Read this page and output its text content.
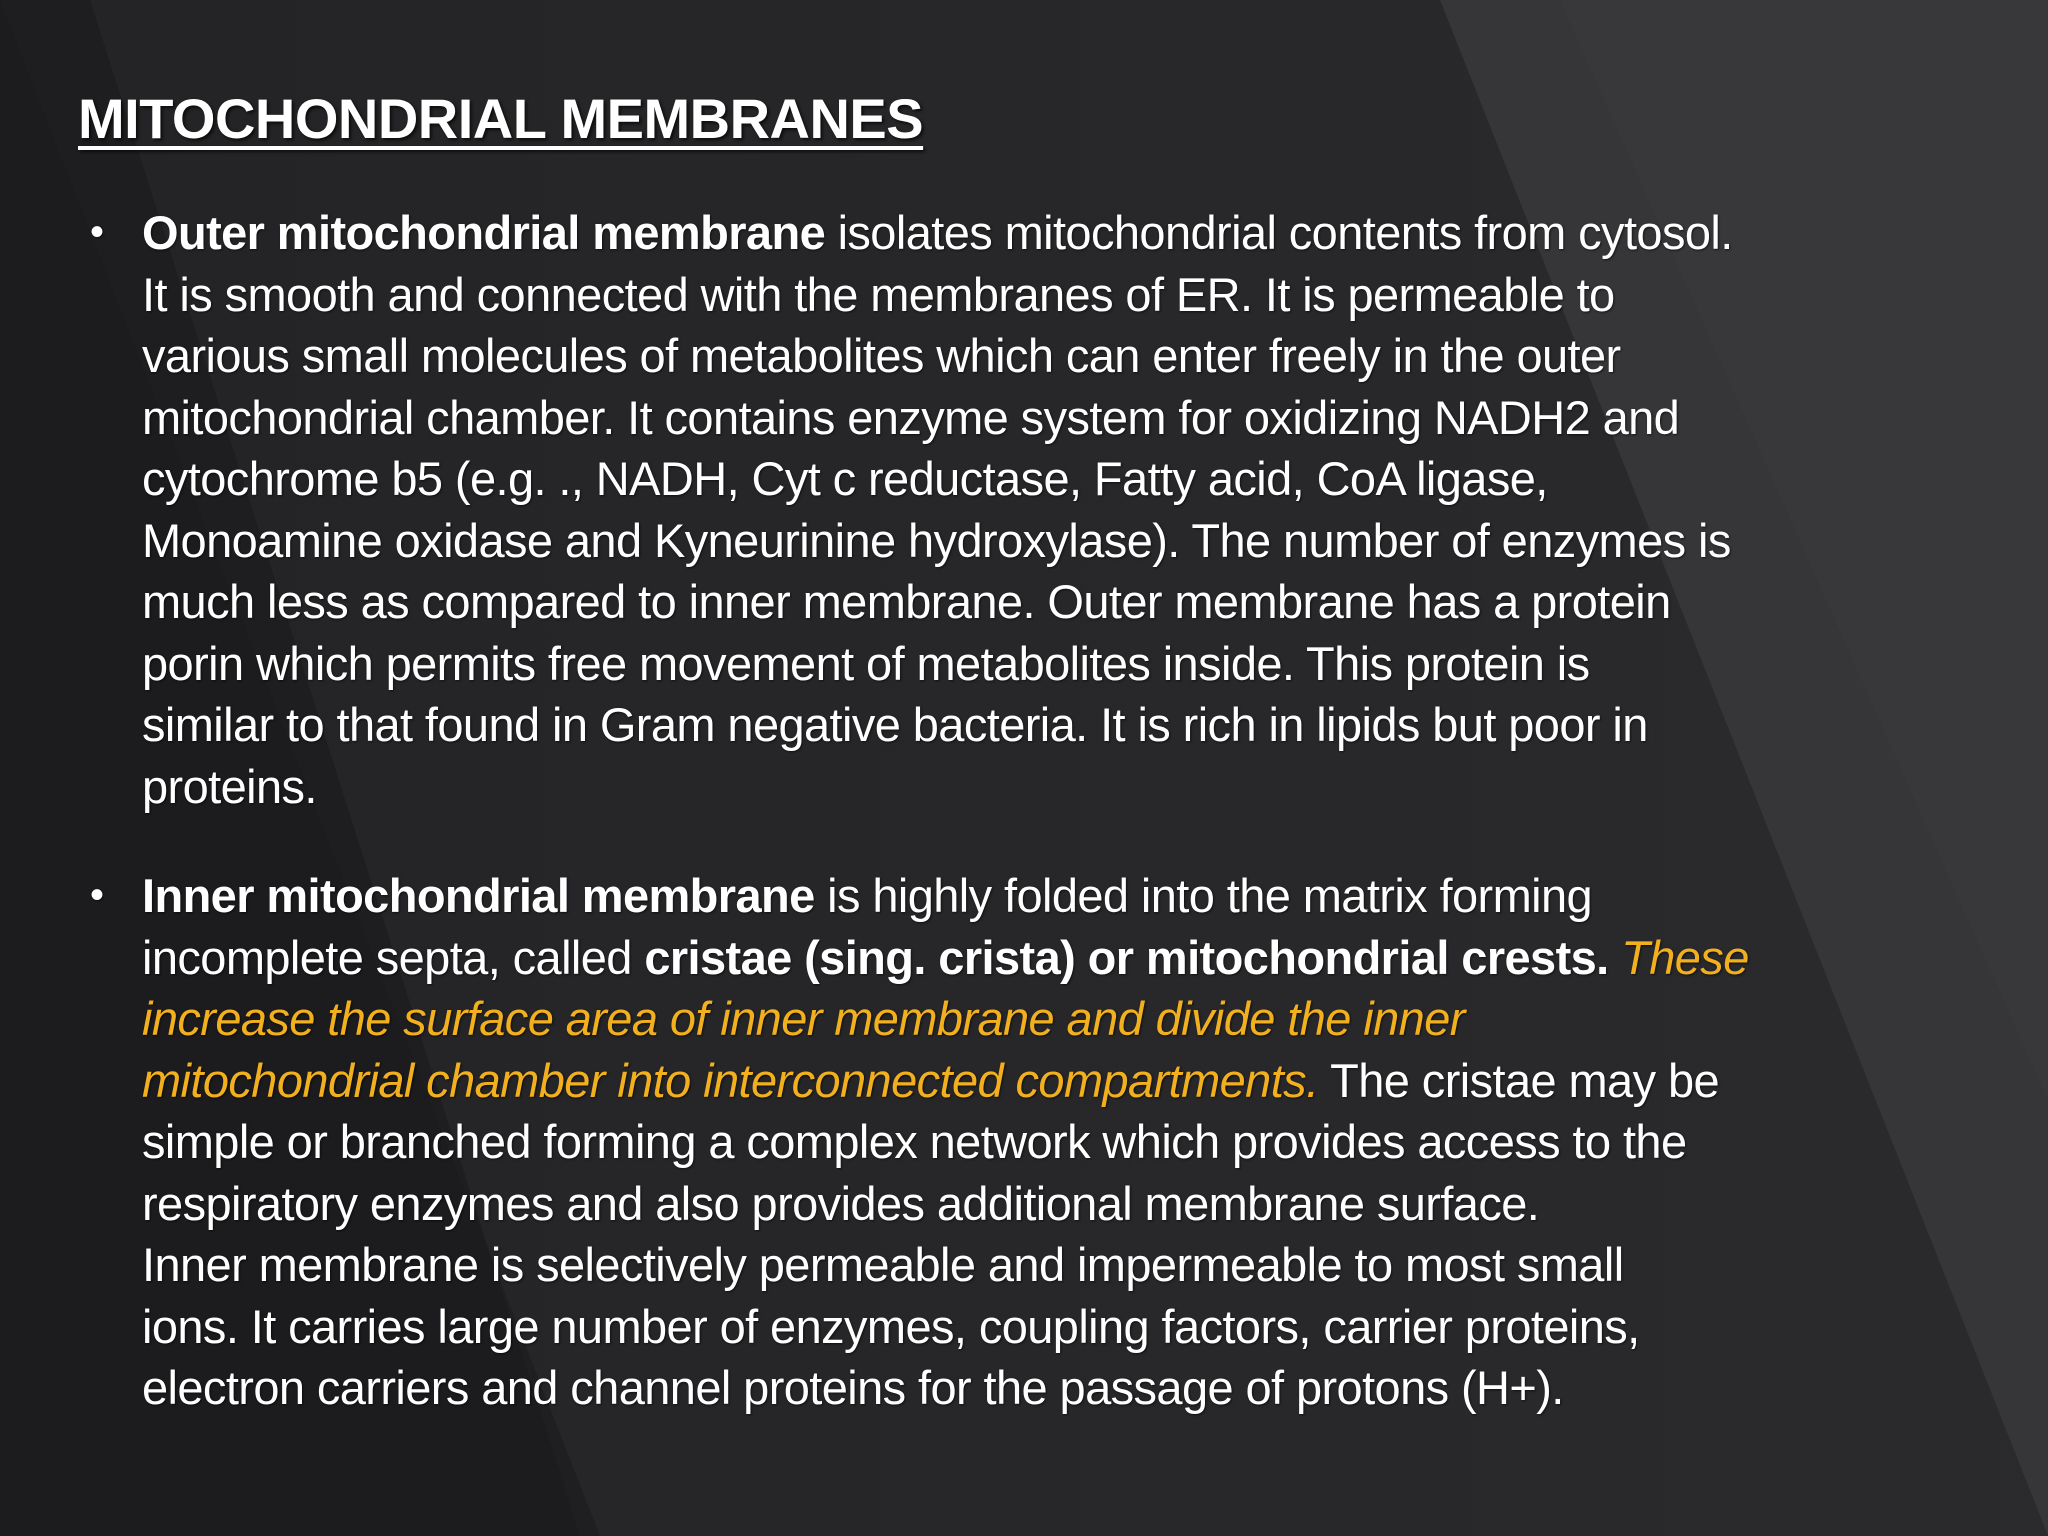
MITOCHONDRIAL MEMBRANES
• Outer mitochondrial membrane isolates mitochondrial contents from cytosol.
It is smooth and connected with the membranes of ER. It is permeable to
various small molecules of metabolites which can enter freely in the outer
mitochondrial chamber. It contains enzyme system for oxidizing NADH2 and
cytochrome b5 (e.g. ., NADH, Cyt c reductase, Fatty acid, CoA ligase,
Monoamine oxidase and Kyneurinine hydroxylase). The number of enzymes is
much less as compared to inner membrane. Outer membrane has a protein
porin which permits free movement of metabolites inside. This protein is
similar to that found in Gram negative bacteria. It is rich in lipids but poor in
proteins.
• Inner mitochondrial membrane is highly folded into the matrix forming
incomplete septa, called cristae (sing. crista) or mitochondrial crests. These
increase the surface area of inner membrane and divide the inner
mitochondrial chamber into interconnected compartments. The cristae may be
simple or branched forming a complex network which provides access to the
respiratory enzymes and also provides additional membrane surface.
Inner membrane is selectively permeable and impermeable to most small
ions. It carries large number of enzymes, coupling factors, carrier proteins,
electron carriers and channel proteins for the passage of protons (H+).
